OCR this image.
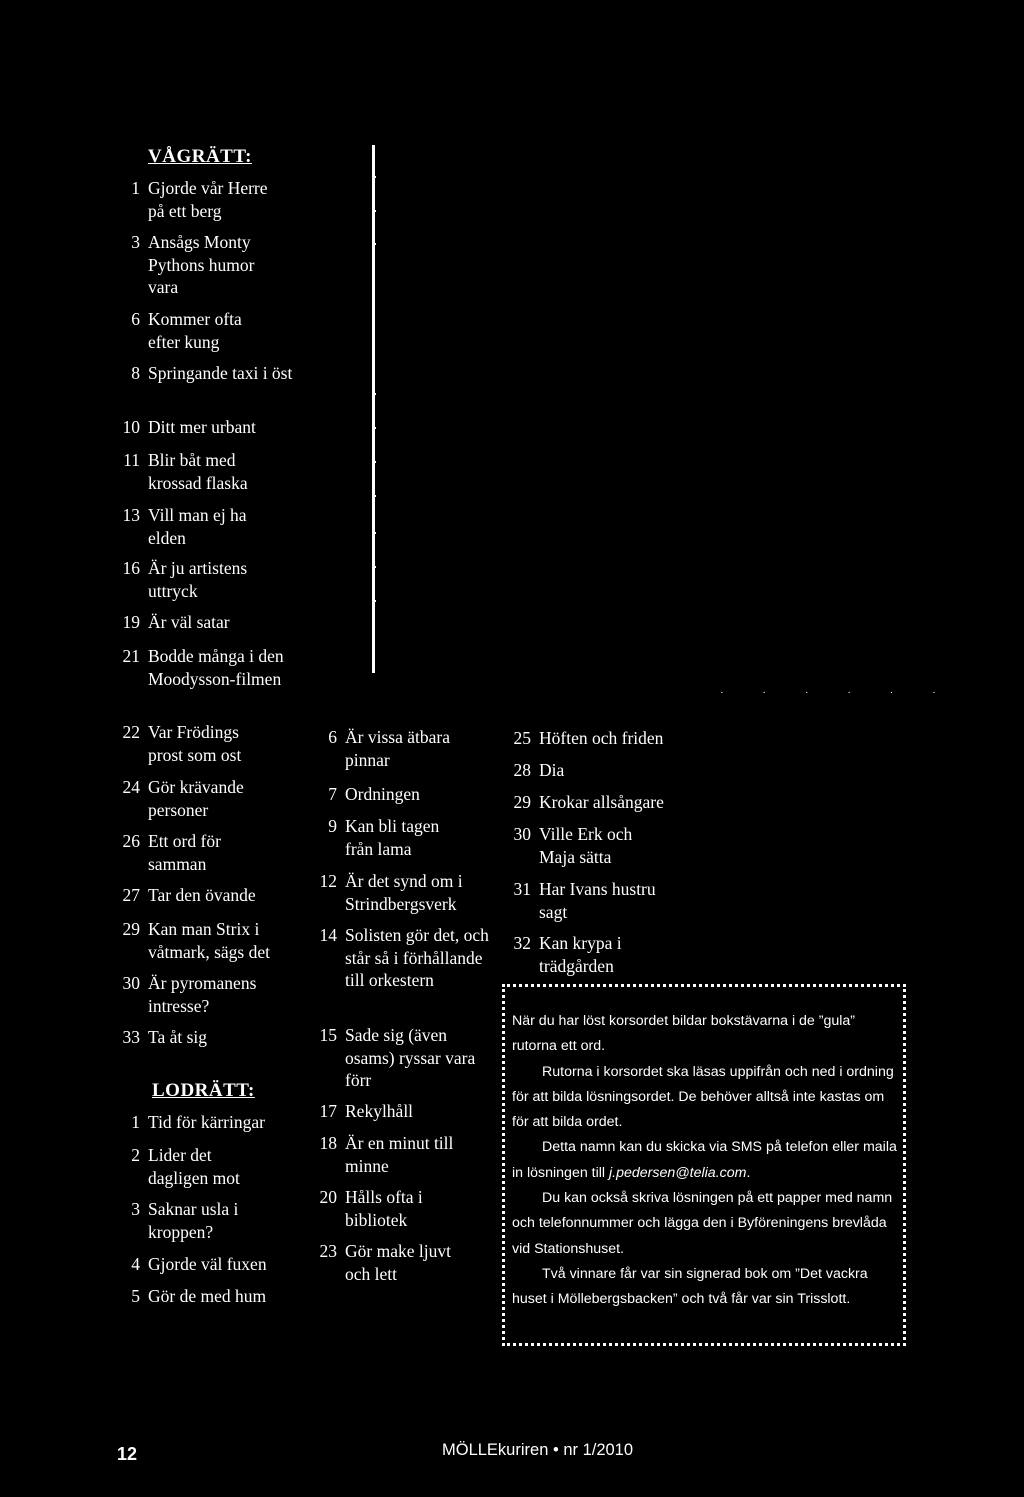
VÅGRÄTT:
LODRÄTT:
1 Gjorde vår Herre på ett berg
3 Ansågs Monty Pythons humor vara
6 Kommer ofta efter kung
8 Springande taxi i öst
10 Ditt mer urbant
11 Blir båt med krossad flaska
13 Vill man ej ha elden
16 Är ju artistens uttryck
19 Är väl satar
21 Bodde många i den Moodysson-filmen
22 Var Frödings prost som ost
24 Gör krävande personer
26 Ett ord för samman
27 Tar den övande
29 Kan man Strix i våtmark, sägs det
30 Är pyromanens intresse?
33 Ta åt sig
1 Tid för kärringar
2 Lider det dagligen mot
3 Saknar usla i kroppen?
4 Gjorde väl fuxen
5 Gör de med hum
6 Är vissa ätbara pinnar
7 Ordningen
9 Kan bli tagen från lama
12 Är det synd om i Strindbergsverk
14 Solisten gör det, och står så i förhållande till orkestern
15 Sade sig (även osams) ryssar vara förr
17 Rekylhåll
18 Är en minut till minne
20 Hålls ofta i bibliotek
23 Gör make ljuvt och lett
25 Höften och friden
28 Dia
29 Krokar allsångare
30 Ville Erk och Maja sätta
31 Har Ivans hustru sagt
32 Kan krypa i trädgården
˙ ˙ ˙ ˙ ˙ ˙

När du har löst korsordet bildar bokstävarna i de ”gula” rutorna ett ord.

Rutorna i korsordet ska läsas uppifrån och ned i ordning för att bilda lösningsordet. De behöver alltså inte kastas om för att bilda ordet.

Detta namn kan du skicka via SMS på telefon eller maila in lösningen till j.pedersen@telia.com.

Du kan också skriva lösningen på ett papper med namn och telefonnummer och lägga den i Byföreningens brevlåda vid Stationshuset.

Två vinnare får var sin signerad bok om ”Det vackra huset i Möllebergsbacken” och två får var sin Trisslott.

12	MÖLLEkuriren • nr 1/2010
